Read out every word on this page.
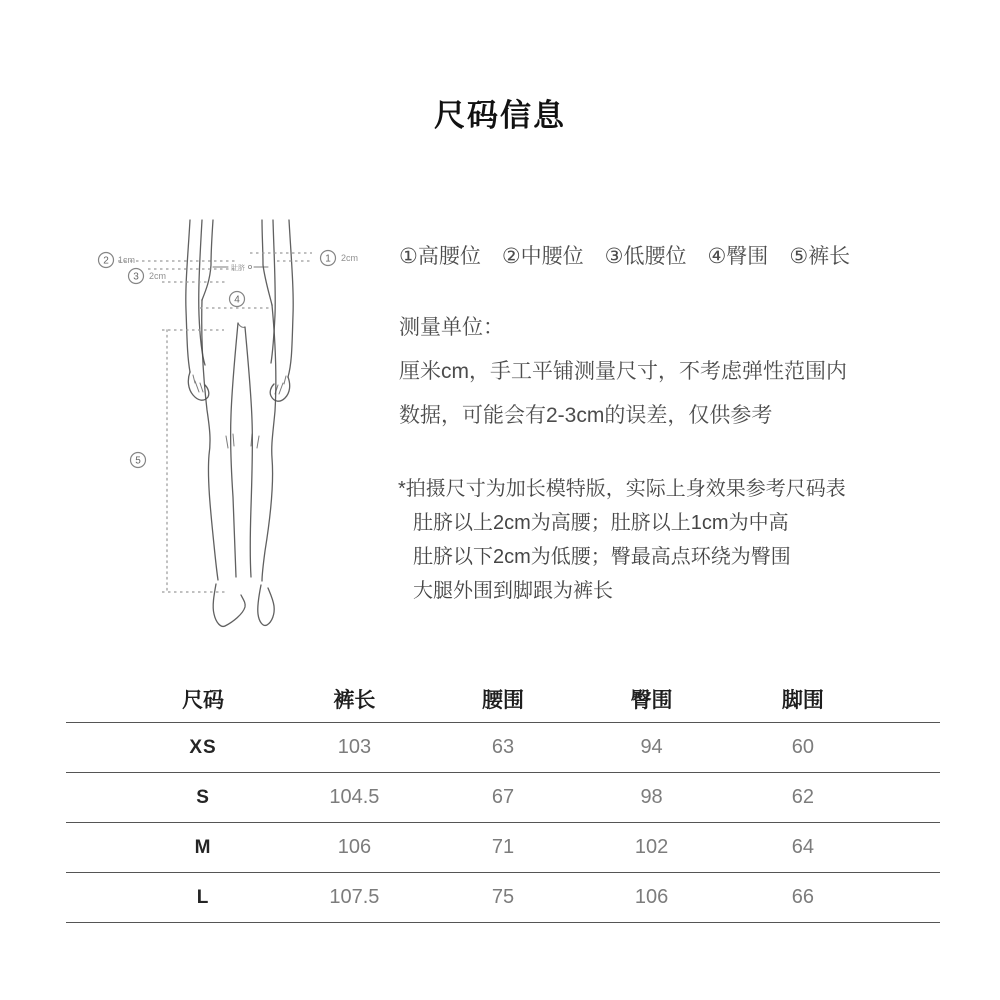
尺码信息
肚脐
1 2cm
2 1cm
3 2cm
4
5
①高腰位 ②中腰位 ③低腰位 ④臀围 ⑤裤长
测量单位：
厘米cm，手工平铺测量尺寸，不考虑弹性范围内
数据，可能会有2-3cm的误差，仅供参考
*拍摄尺寸为加长模特版，实际上身效果参考尺码表
肚脐以上2cm为高腰；肚脐以上1cm为中高
肚脐以下2cm为低腰；臀最高点环绕为臀围
大腿外围到脚跟为裤长
尺码	裤长	腰围	臀围	脚围
XS	103	63	94	60
S	104.5	67	98	62
M	106	71	102	64
L	107.5	75	106	66
